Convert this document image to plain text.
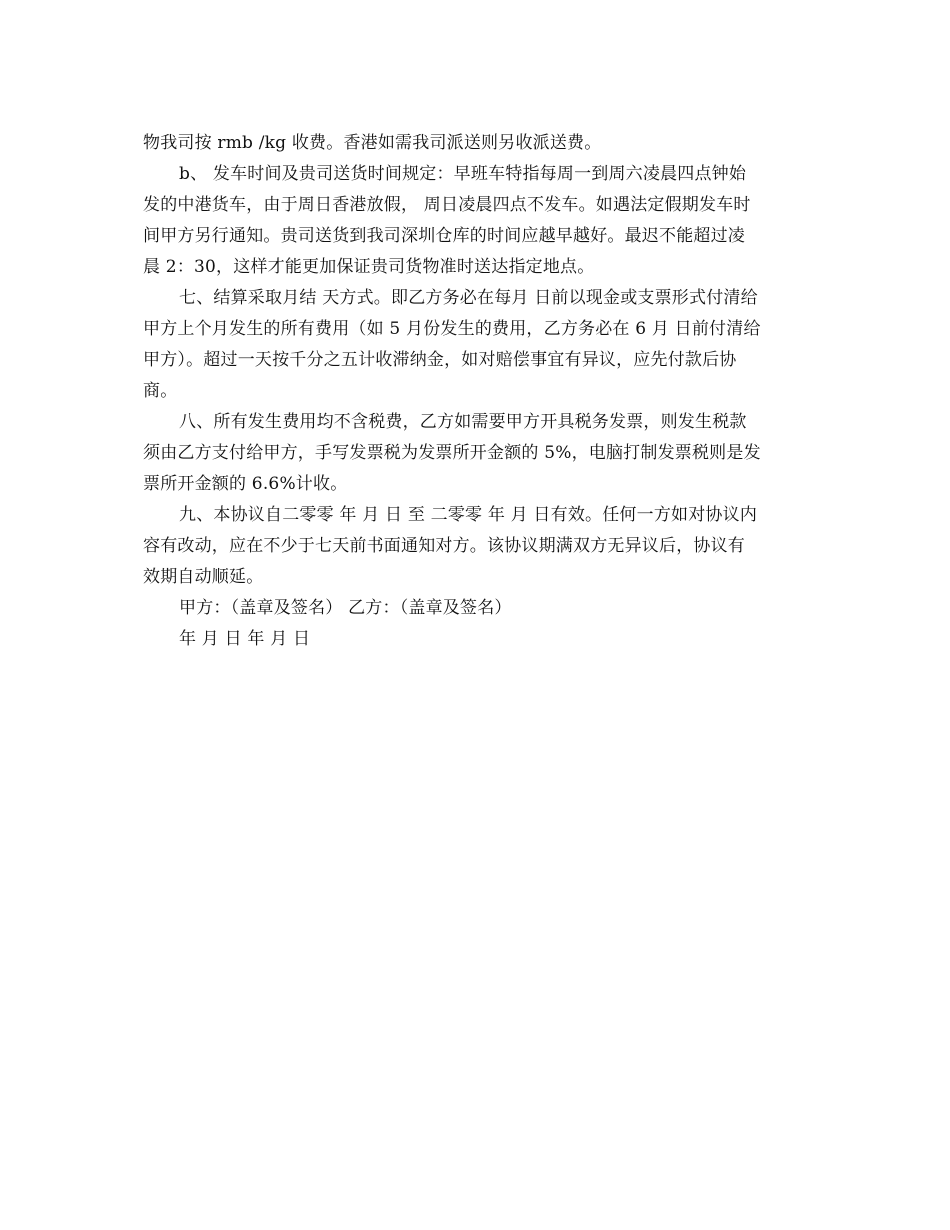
物我司按 rmb /kg 收费。香港如需我司派送则另收派送费。
b、 发车时间及贵司送货时间规定：早班车特指每周一到周六凌晨四点钟始
发的中港货车，由于周日香港放假， 周日凌晨四点不发车。如遇法定假期发车时
间甲方另行通知。贵司送货到我司深圳仓库的时间应越早越好。最迟不能超过凌
晨 2：30，这样才能更加保证贵司货物准时送达指定地点。
七、结算采取月结 天方式。即乙方务必在每月 日前以现金或支票形式付清给
甲方上个月发生的所有费用（如 5 月份发生的费用，乙方务必在 6 月 日前付清给
甲方）。超过一天按千分之五计收滞纳金，如对赔偿事宜有异议，应先付款后协
商。
八、所有发生费用均不含税费，乙方如需要甲方开具税务发票，则发生税款
须由乙方支付给甲方，手写发票税为发票所开金额的 5%，电脑打制发票税则是发
票所开金额的 6.6%计收。
九、本协议自二零零 年 月 日 至 二零零 年 月 日有效。任何一方如对协议内
容有改动，应在不少于七天前书面通知对方。该协议期满双方无异议后，协议有
效期自动顺延。
甲方：（盖章及签名） 乙方：（盖章及签名）
年 月 日 年 月 日
